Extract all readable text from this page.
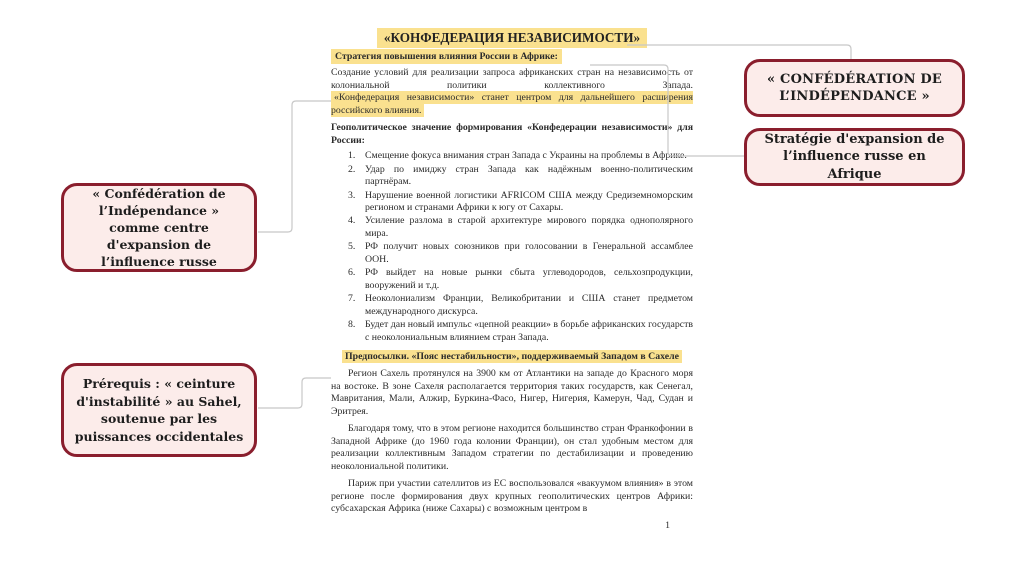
«КОНФЕДЕРАЦИЯ НЕЗАВИСИМОСТИ»
Стратегия повышения влияния России в Африке:

Создание условий для реализации запроса африканских стран на независимость от колониальной политики коллективного Запада.

«Конфедерация независимости» станет центром для дальнейшего расширения российского влияния.

Геополитическое значение формирования «Конфедерации независимости» для России:
1. Смещение фокуса внимания стран Запада с Украины на проблемы в Африке.
2. Удар по имиджу стран Запада как надёжным военно-политическим партнёрам.
3. Нарушение военной логистики AFRICOM США между Средиземноморским регионом и странами Африки к югу от Сахары.
4. Усиление разлома в старой архитектуре мирового порядка однополярного мира.
5. РФ получит новых союзников при голосовании в Генеральной ассамблее ООН.
6. РФ выйдет на новые рынки сбыта углеводородов, сельхозпродукции, вооружений и т.д.
7. Неоколониализм Франции, Великобритании и США станет предметом международного дискурса.
8. Будет дан новый импульс «цепной реакции» в борьбе африканских государств с неоколониальным влиянием стран Запада.
Предпосылки. «Пояс нестабильности», поддерживаемый Западом в Сахеле

Регион Сахель протянулся на 3900 км от Атлантики на западе до Красного моря на востоке. В зоне Сахеля располагается территория таких государств, как Сенегал, Мавритания, Мали, Алжир, Буркина-Фасо, Нигер, Нигерия, Камерун, Чад, Судан и Эритрея.

Благодаря тому, что в этом регионе находится большинство стран Франкофонии в Западной Африке (до 1960 года колонии Франции), он стал удобным местом для реализации коллективным Западом стратегии по дестабилизации и проведению неоколониальной политики.

Париж при участии сателлитов из ЕС воспользовался «вакуумом влияния» в этом регионе после формирования двух крупных геополитических центров Африки: субсахарская Африка (ниже Сахары) с возможным центром в

1
« CONFÉDÉRATION DE L’INDÉPENDANCE »
Stratégie d'expansion de l’influence russe en Afrique
« Confédération de l’Indépendance » comme centre d'expansion de l’influence russe
Prérequis : « ceinture d'instabilité » au Sahel, soutenue par les puissances occidentales
